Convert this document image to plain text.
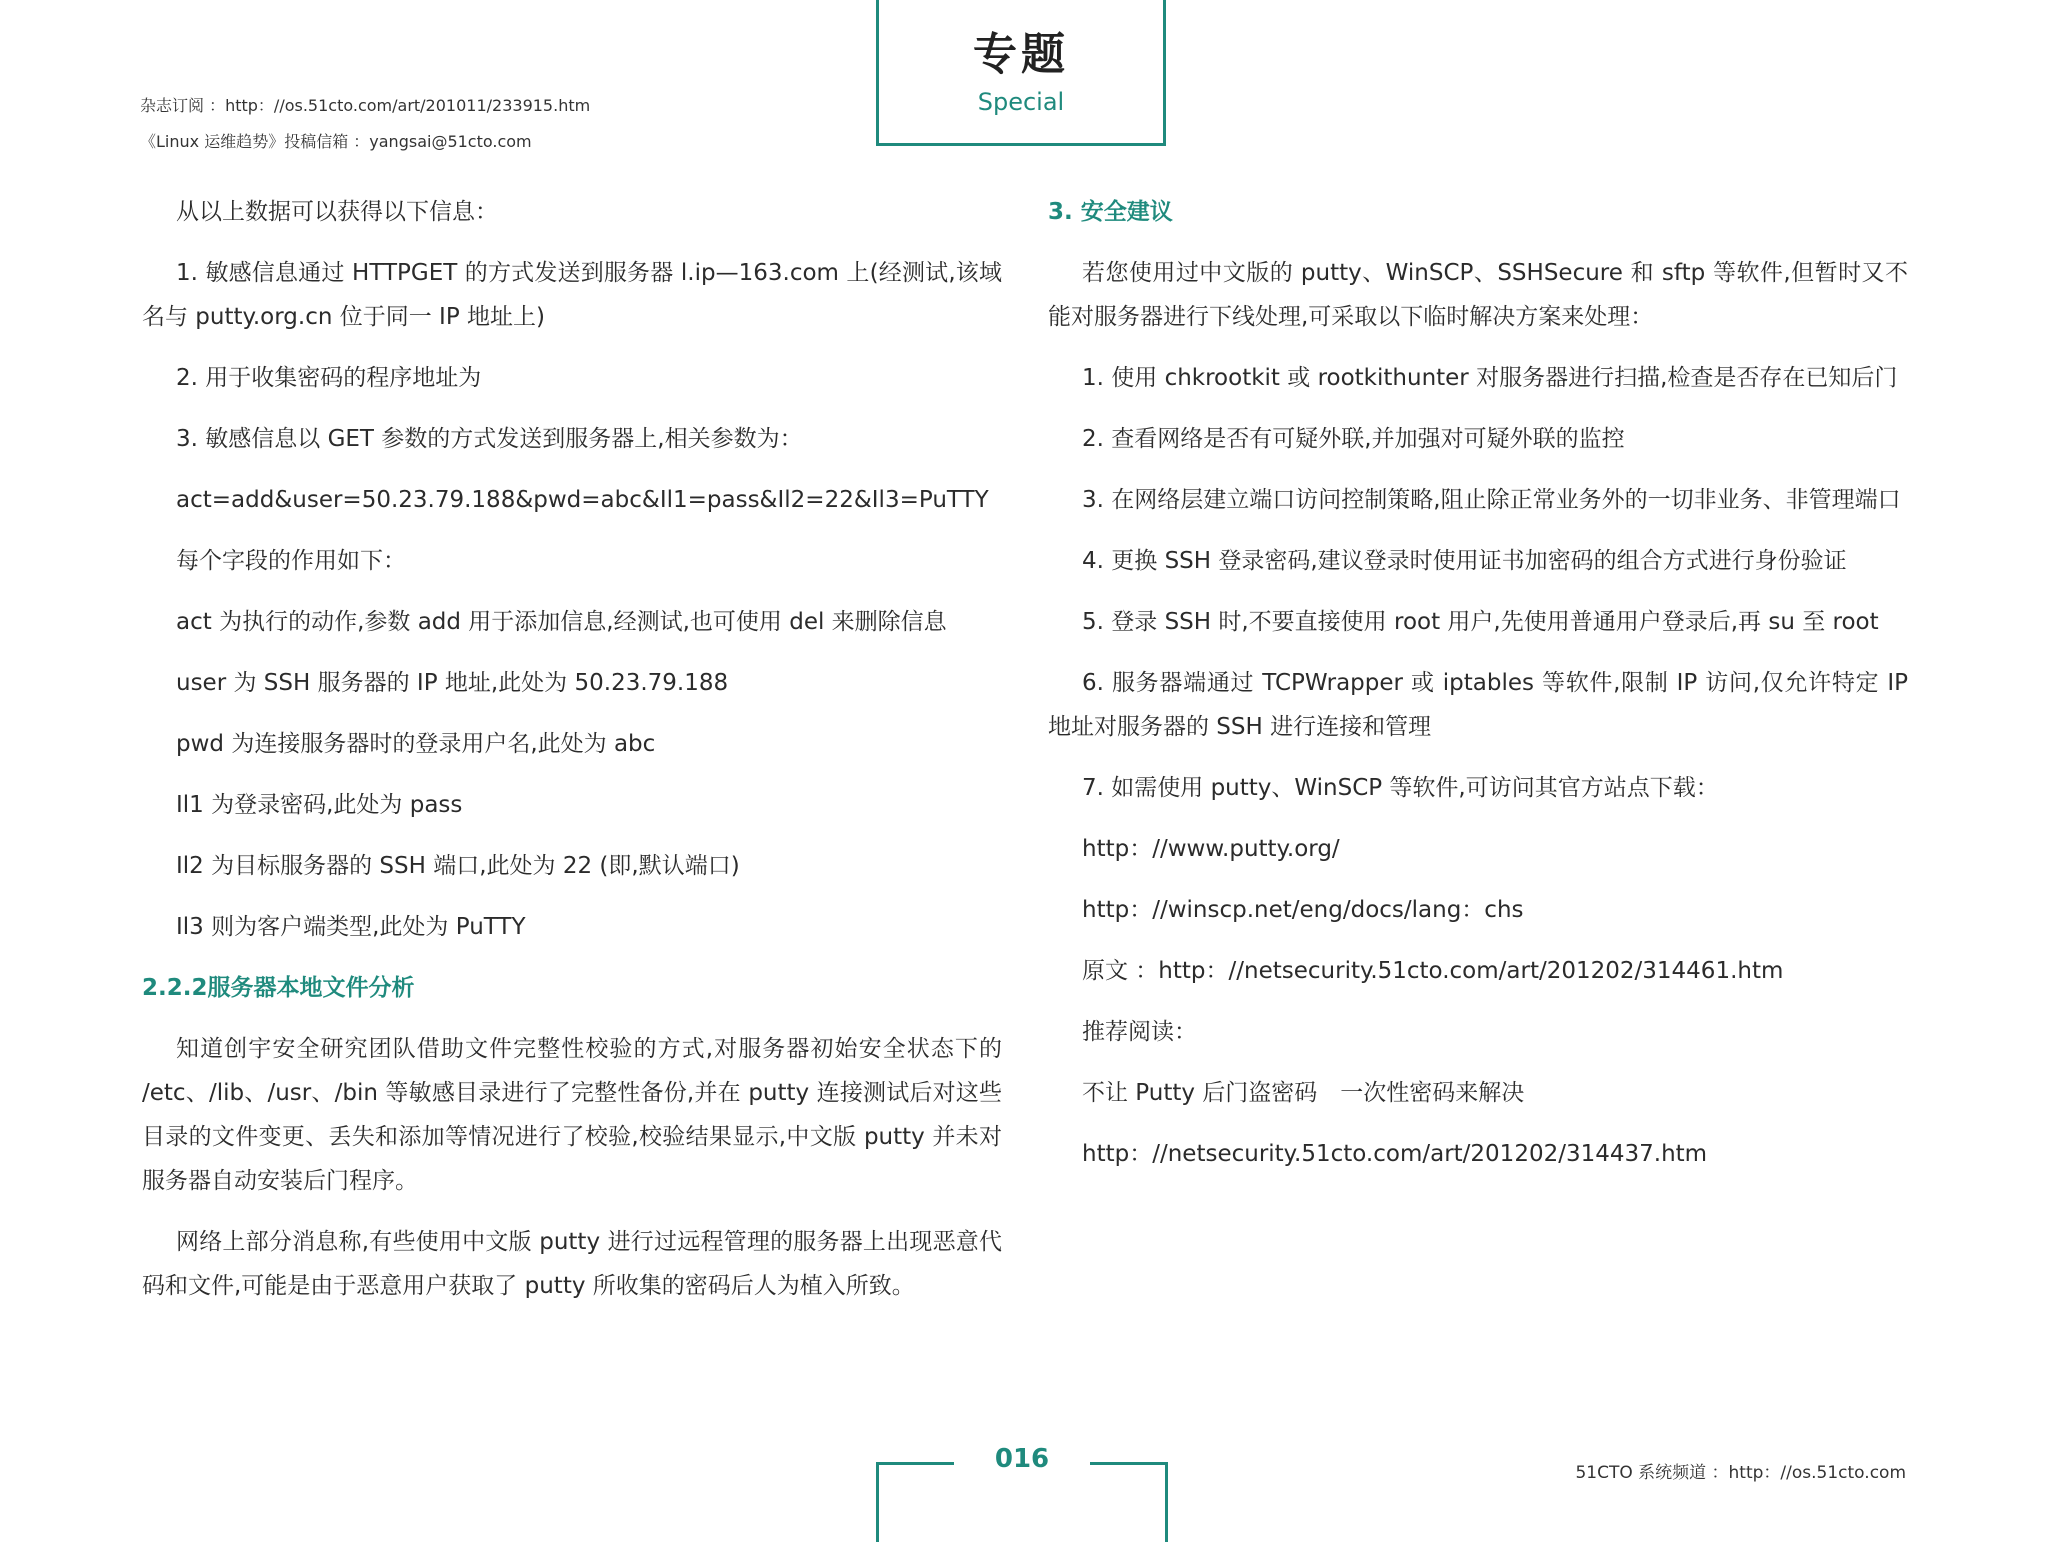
杂志订阅 ：http：//os.51cto.com/art/201011/233915.htm
《Linux 运维趋势》投稿信箱 ：yangsai@51cto.com
专题
Special

从以上数据可以获得以下信息：

1. 敏感信息通过 HTTPGET 的方式发送到服务器 l.ip—163.com 上(经测试,该域名与 putty.org.cn 位于同一 IP 地址上)

2. 用于收集密码的程序地址为

3. 敏感信息以 GET 参数的方式发送到服务器上,相关参数为：

act=add&user=50.23.79.188&pwd=abc&Il1=pass&Il2=22&Il3=PuTTY

每个字段的作用如下：

act 为执行的动作,参数 add 用于添加信息,经测试,也可使用 del 来删除信息

user 为 SSH 服务器的 IP 地址,此处为 50.23.79.188

pwd 为连接服务器时的登录用户名,此处为 abc

Il1 为登录密码,此处为 pass

Il2 为目标服务器的 SSH 端口,此处为 22 (即,默认端口)

Il3 则为客户端类型,此处为 PuTTY

2.2.2服务器本地文件分析

知道创宇安全研究团队借助文件完整性校验的方式,对服务器初始安全状态下的 /etc、/lib、/usr、/bin 等敏感目录进行了完整性备份,并在 putty 连接测试后对这些目录的文件变更、丢失和添加等情况进行了校验,校验结果显示,中文版 putty 并未对服务器自动安装后门程序。

网络上部分消息称,有些使用中文版 putty 进行过远程管理的服务器上出现恶意代码和文件,可能是由于恶意用户获取了 putty 所收集的密码后人为植入所致。

3. 安全建议

若您使用过中文版的 putty、WinSCP、SSHSecure 和 sftp 等软件,但暂时又不能对服务器进行下线处理,可采取以下临时解决方案来处理：

1. 使用 chkrootkit 或 rootkithunter 对服务器进行扫描,检查是否存在已知后门

2. 查看网络是否有可疑外联,并加强对可疑外联的监控

3. 在网络层建立端口访问控制策略,阻止除正常业务外的一切非业务、非管理端口

4. 更换 SSH 登录密码,建议登录时使用证书加密码的组合方式进行身份验证

5. 登录 SSH 时,不要直接使用 root 用户,先使用普通用户登录后,再 su 至 root

6. 服务器端通过 TCPWrapper 或 iptables 等软件,限制 IP 访问,仅允许特定 IP 地址对服务器的 SSH 进行连接和管理

7. 如需使用 putty、WinSCP 等软件,可访问其官方站点下载：

http：//www.putty.org/

http：//winscp.net/eng/docs/lang：chs

原文 ：http：//netsecurity.51cto.com/art/201202/314461.htm

推荐阅读：

不让 Putty 后门盗密码　一次性密码来解决

http：//netsecurity.51cto.com/art/201202/314437.htm

016	51CTO 系统频道 ：http：//os.51cto.com
